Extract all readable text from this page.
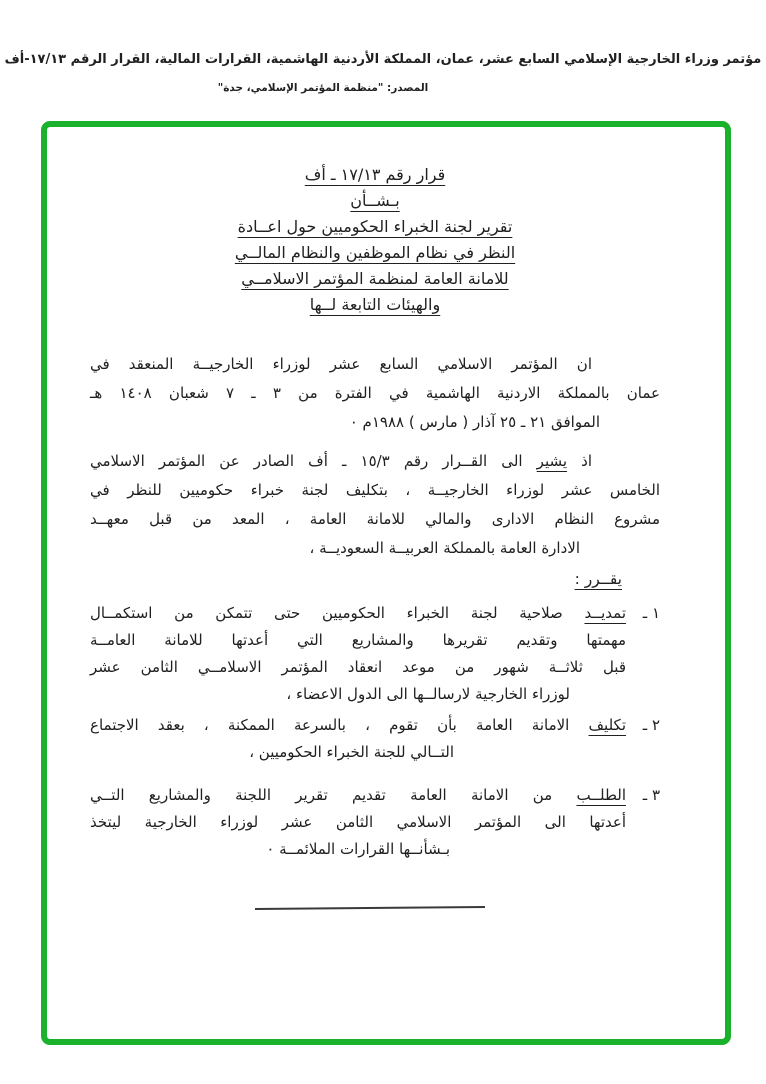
مؤتمر وزراء الخارجية الإسلامي السابع عشر، عمان، المملكة الأردنية الهاشمية، القرارات المالية، القرار الرقم ١٧/١٣-أف
المصدر: "منظمة المؤتمر الإسلامي، جدة"
قرار رقم ١٧/١٣ ـ أف
بـشــأن
تقرير لجنة الخبراء الحكوميين حول اعــادة
النظر في نظام الموظفين والنظام المالــي
للامانة العامة لمنظمة المؤتمر الاسلامــي
والهيئات التابعة لــها
ان المؤتمر الاسلامي السابع عشر لوزراء الخارجيــة المنعقد في
عمان بالمملكة الاردنية الهاشمية في الفترة من ٣ ـ ٧ شعبان ١٤٠٨ هـ
الموافق ٢١ ـ ٢٥ آذار ( مارس ) ١٩٨٨م ٠
اذ يشير الى القــرار رقم ١٥/٣ ـ أف الصادر عن المؤتمر الاسلامي
الخامس عشر لوزراء الخارجيــة ، بتكليف لجنة خبراء حكوميين للنظر في
مشروع النظام الادارى والمالي للامانة العامة ، المعد من قبل معهــد
الادارة العامة بالمملكة العربيــة السعوديــة ،
يقــرر :
١ ـ
تمديــد صلاحية لجنة الخبراء الحكوميين حتى تتمكن من استكمــال
مهمتها وتقديم تقريرها والمشاريع التي أعدتها للامانة العامــة
قبل ثلاثــة شهور من موعد انعقاد المؤتمر الاسلامــي الثامن عشر
لوزراء الخارجية لارسالــها الى الدول الاعضاء ،
٢ ـ
تكليف الامانة العامة بأن تقوم ، بالسرعة الممكنة ، بعقد الاجتماع
التــالي للجنة الخبراء الحكوميين ،
٣ ـ
الطلــب من الامانة العامة تقديم تقرير اللجنة والمشاريع التــي
أعدتها الى المؤتمر الاسلامي الثامن عشر لوزراء الخارجية ليتخذ
بـشأنــها القرارات الملائمــة ٠
